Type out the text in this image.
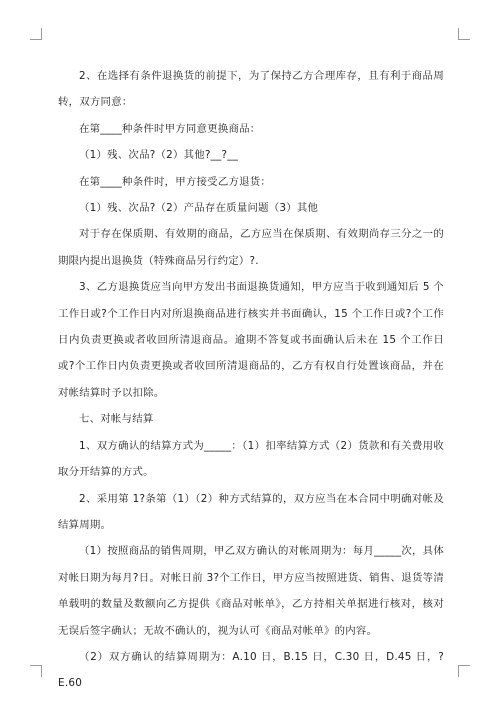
2、在选择有条件退换货的前提下，为了保持乙方合理库存，且有利于商品周转，双方同意：

在第____种条件时甲方同意更换商品：

（1）残、次品?（2）其他?__?__

在第____种条件时，甲方接受乙方退货：

（1）残、次品?（2）产品存在质量问题（3）其他

对于存在保质期、有效期的商品，乙方应当在保质期、有效期尚存三分之一的期限内提出退换货（特殊商品另行约定）?.

3、乙方退换货应当向甲方发出书面退换货通知，甲方应当于收到通知后 5 个工作日或?个工作日内对所退换商品进行核实并书面确认，15 个工作日或?个工作日内负责更换或者收回所清退商品。逾期不答复或书面确认后未在 15 个工作日或?个工作日内负责更换或者收回所清退商品的，乙方有权自行处置该商品，并在对帐结算时予以扣除。

七、对帐与结算

1、双方确认的结算方式为_____：（1）扣率结算方式（2）货款和有关费用收取分开结算的方式。

2、采用第 1?条第（1）（2）种方式结算的，双方应当在本合同中明确对帐及结算周期。

（1）按照商品的销售周期，甲乙双方确认的对帐周期为：每月_____次，具体对帐日期为每月?日。对帐日前 3?个工作日，甲方应当按照进货、销售、退货等清单载明的数量及数额向乙方提供《商品对帐单》，乙方持相关单据进行核对，核对无误后签字确认；无故不确认的，视为认可《商品对帐单》的内容。

（2）双方确认的结算周期为：A.10 日，B.15 日，C.30 日，D.45 日，?E.60
